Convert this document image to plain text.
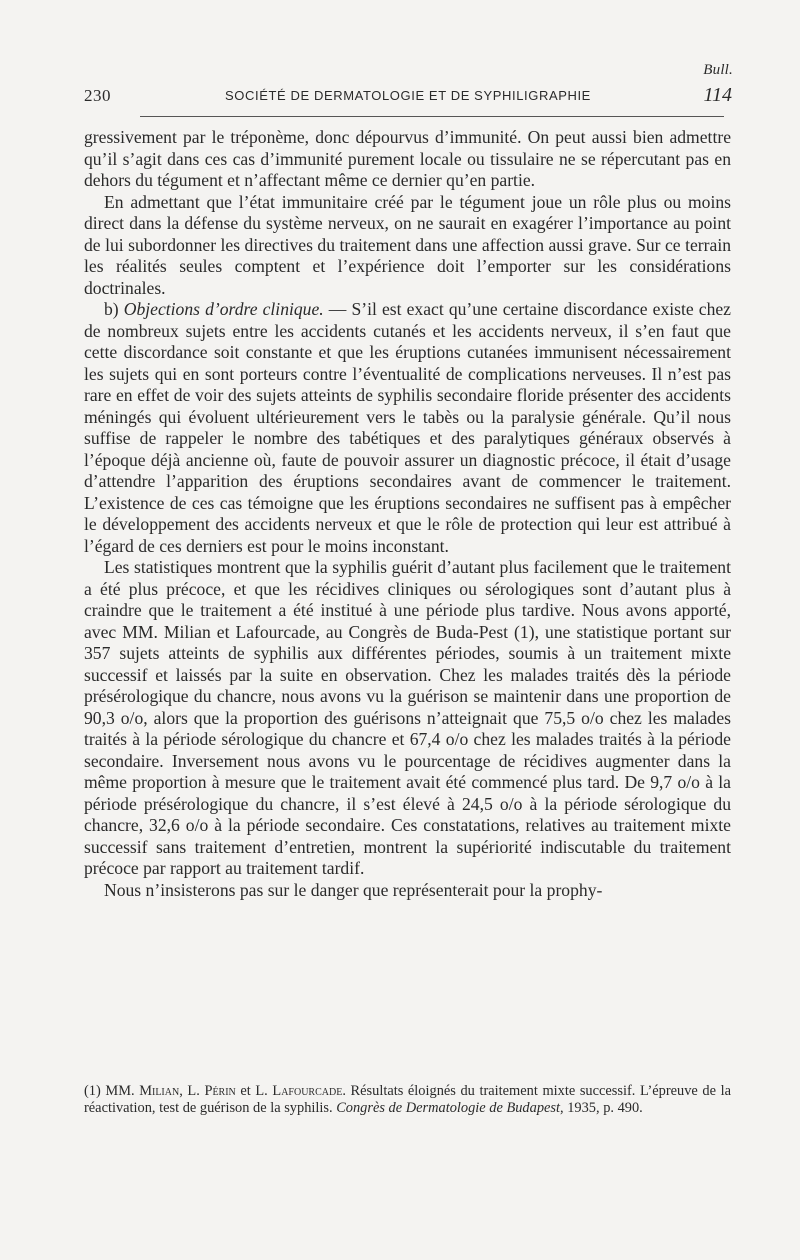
Bull.
230	SOCIÉTÉ DE DERMATOLOGIE ET DE SYPHILIGRAPHIE	114

gressivement par le tréponème, donc dépourvus d’immunité. On peut aussi bien admettre qu’il s’agit dans ces cas d’immunité purement locale ou tissulaire ne se répercutant pas en dehors du tégument et n’affectant même ce dernier qu’en partie.

En admettant que l’état immunitaire créé par le tégument joue un rôle plus ou moins direct dans la défense du système nerveux, on ne saurait en exagérer l’importance au point de lui subordonner les directives du traitement dans une affection aussi grave. Sur ce terrain les réalités seules comptent et l’expérience doit l’emporter sur les considérations doctrinales.

b) Objections d’ordre clinique. — S’il est exact qu’une certaine discordance existe chez de nombreux sujets entre les accidents cutanés et les accidents nerveux, il s’en faut que cette discordance soit constante et que les éruptions cutanées immunisent nécessairement les sujets qui en sont porteurs contre l’éventualité de complications nerveuses. Il n’est pas rare en effet de voir des sujets atteints de syphilis secondaire floride présenter des accidents méningés qui évoluent ultérieurement vers le tabès ou la paralysie générale. Qu’il nous suffise de rappeler le nombre des tabétiques et des paralytiques généraux observés à l’époque déjà ancienne où, faute de pouvoir assurer un diagnostic précoce, il était d’usage d’attendre l’apparition des éruptions secondaires avant de commencer le traitement. L’existence de ces cas témoigne que les éruptions secondaires ne suffisent pas à empêcher le développement des accidents nerveux et que le rôle de protection qui leur est attribué à l’égard de ces derniers est pour le moins inconstant.

Les statistiques montrent que la syphilis guérit d’autant plus facilement que le traitement a été plus précoce, et que les récidives cliniques ou sérologiques sont d’autant plus à craindre que le traitement a été institué à une période plus tardive. Nous avons apporté, avec MM. Milian et Lafourcade, au Congrès de Buda-Pest (1), une statistique portant sur 357 sujets atteints de syphilis aux différentes périodes, soumis à un traitement mixte successif et laissés par la suite en observation. Chez les malades traités dès la période présérologique du chancre, nous avons vu la guérison se maintenir dans une proportion de 90,3 o/o, alors que la proportion des guérisons n’atteignait que 75,5 o/o chez les malades traités à la période sérologique du chancre et 67,4 o/o chez les malades traités à la période secondaire. Inversement nous avons vu le pourcentage de récidives augmenter dans la même proportion à mesure que le traitement avait été commencé plus tard. De 9,7 o/o à la période présérologique du chancre, il s’est élevé à 24,5 o/o à la période sérologique du chancre, 32,6 o/o à la période secondaire. Ces constatations, relatives au traitement mixte successif sans traitement d’entretien, montrent la supériorité indiscutable du traitement précoce par rapport au traitement tardif.

Nous n’insisterons pas sur le danger que représenterait pour la prophy-

(1) MM. Milian, L. Périn et L. Lafourcade. Résultats éloignés du traitement mixte successif. L’épreuve de la réactivation, test de guérison de la syphilis. Congrès de Dermatologie de Budapest, 1935, p. 490.
